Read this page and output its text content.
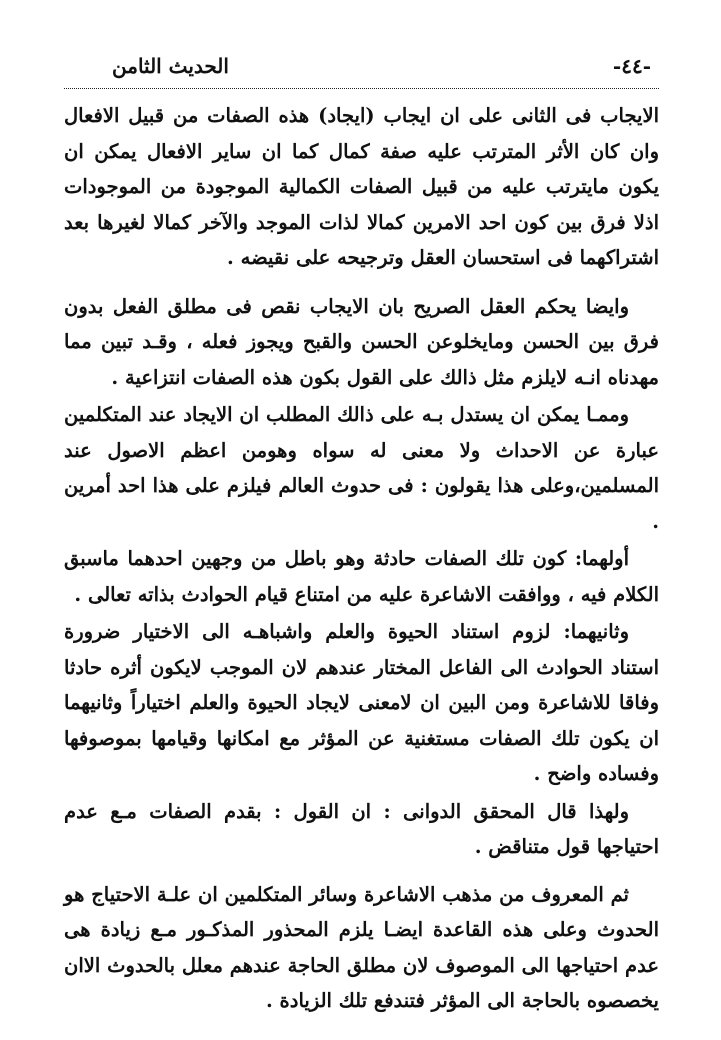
-٤٤-
الحديث الثامن

الايجاب فى الثانى على ان ايجاب (ايجاد) هذه الصفات من قبيل الافعال وان كان الأثر المترتب عليه صفة كمال كما ان ساير الافعال يمكن ان يكون مايترتب عليه من قبيل الصفات الكمالية الموجودة من الموجودات اذلا فرق بين كون احد الامرين كمالا لذات الموجد والآخر كمالا لغيرها بعد اشتراكهما فى استحسان العقل وترجيحه على نقيضه .

وايضا يحكم العقل الصريح بان الايجاب نقص فى مطلق الفعل بدون فرق بين الحسن ومايخلوعن الحسن والقبح ويجوز فعله ، وقـد تبين مما مهدناه انـه لايلزم مثل ذالك على القول بكون هذه الصفات انتزاعية .

وممـا يمكن ان يستدل بـه على ذالك المطلب ان الايجاد عند المتكلمين عبارة عن الاحداث ولا معنى له سواه وهومن اعظم الاصول عند المسلمين،وعلى هذا يقولون : فى حدوث العالم فيلزم على هذا احد أمرين .

أولهما: كون تلك الصفات حادثة وهو باطل من وجهين احدهما ماسبق الكلام فيه ، ووافقت الاشاعرة عليه من امتناع قيام الحوادث بذاته تعالى .

وثانيهما: لزوم استناد الحيوة والعلم واشباهـه الى الاختيار ضرورة استناد الحوادث الى الفاعل المختار عندهم لان الموجب لايكون أثره حادثا وفاقا للاشاعرة ومن البين ان لامعنى لايجاد الحيوة والعلم اختياراً وثانيهما ان يكون تلك الصفات مستغنية عن المؤثر مع امكانها وقيامها بموصوفها وفساده واضح .

ولهذا قال المحقق الدوانى : ان القول : بقدم الصفات مـع عدم احتياجها قول متناقض .

ثم المعروف من مذهب الاشاعرة وسائر المتكلمين ان علـة الاحتياج هو الحدوث وعلى هذه القاعدة ايضـا يلزم المحذور المذكـور مـع زيادة هى عدم احتياجها الى الموصوف لان مطلق الحاجة عندهم معلل بالحدوث الاان يخصصوه بالحاجة الى المؤثر فتندفع تلك الزيادة .
